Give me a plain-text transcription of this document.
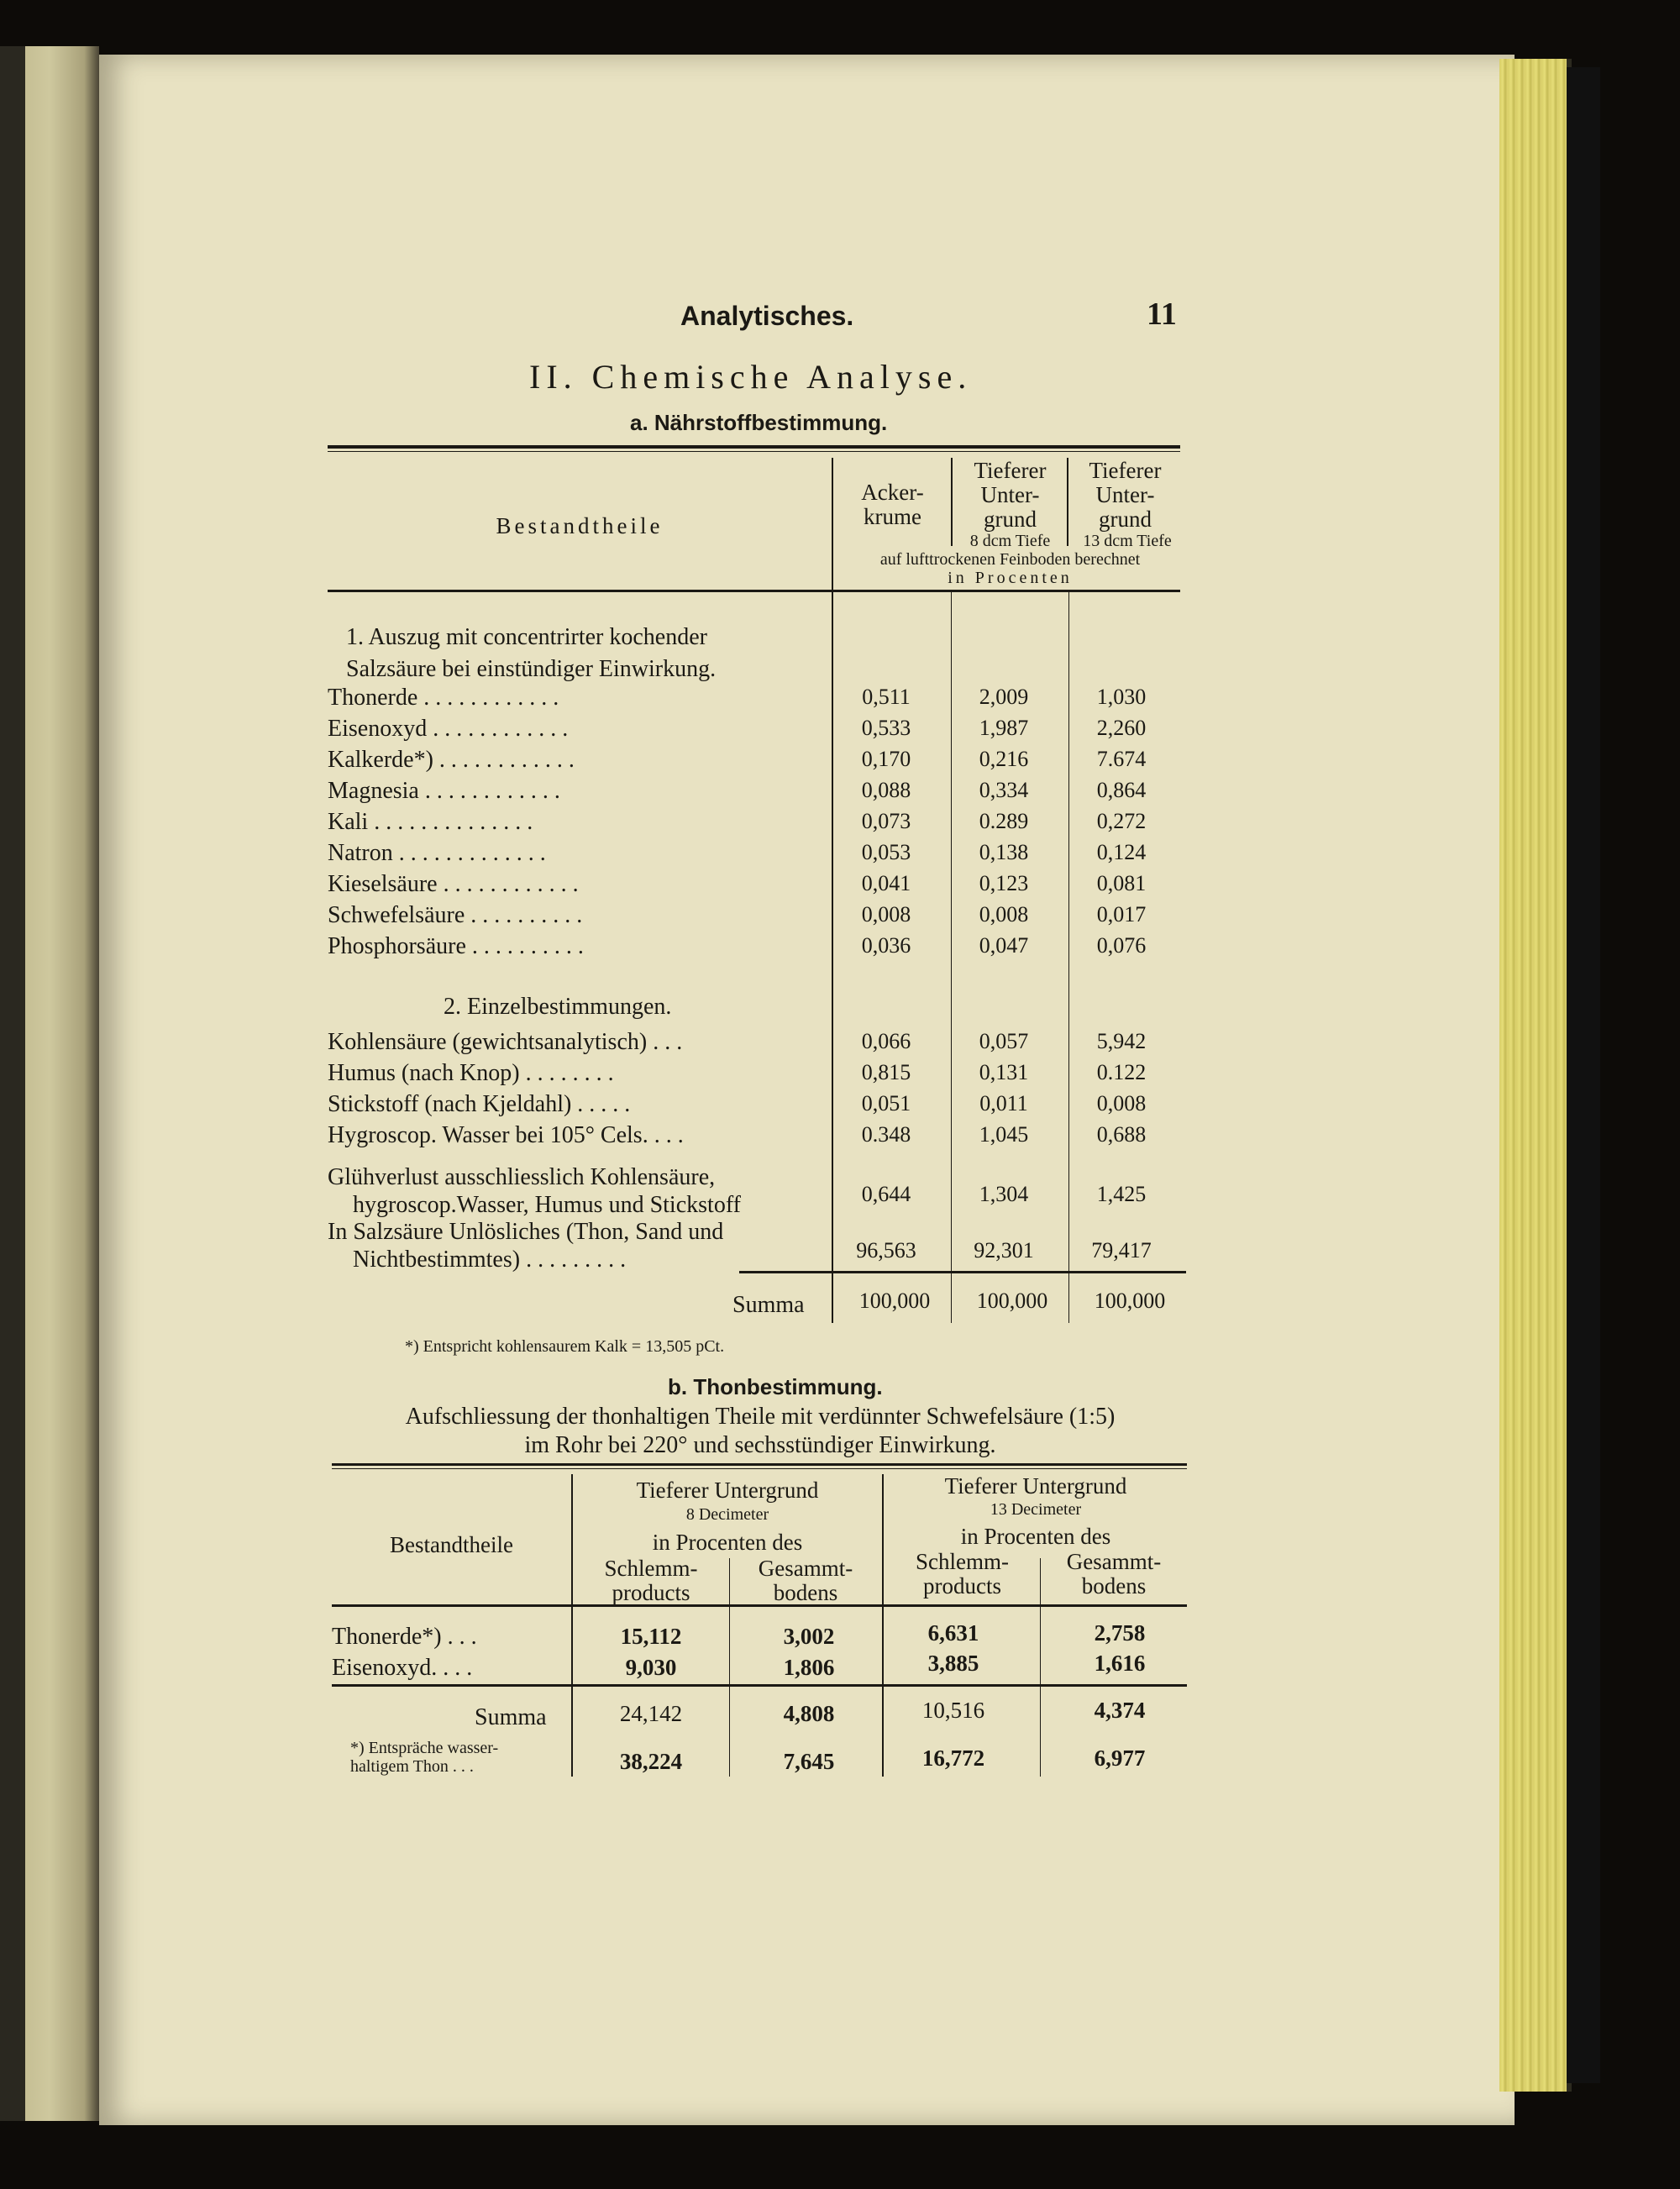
Analytisches.	11
II. Chemische Analyse.
a. Nährstoffbestimmung.
Bestandtheile
Acker-
krume
Tieferer
Unter-
grund
8 dcm Tiefe
Tieferer
Unter-
grund
13 dcm Tiefe
auf lufttrockenen Feinboden berechnet
in Procenten
1. Auszug mit concentrirter kochender
Salzsäure bei einstündiger Einwirkung.
Thonerde . . . . . . . . . . . .	0,511	2,009	1,030
Eisenoxyd . . . . . . . . . . . .	0,533	1,987	2,260
Kalkerde*) . . . . . . . . . . . .	0,170	0,216	7.674
Magnesia . . . . . . . . . . . .	0,088	0,334	0,864
Kali . . . . . . . . . . . . . .	0,073	0.289	0,272
Natron . . . . . . . . . . . . .	0,053	0,138	0,124
Kieselsäure . . . . . . . . . . . .	0,041	0,123	0,081
Schwefelsäure . . . . . . . . . .	0,008	0,008	0,017
Phosphorsäure . . . . . . . . . .	0,036	0,047	0,076
2. Einzelbestimmungen.
Kohlensäure (gewichtsanalytisch) . . .	0,066	0,057	5,942
Humus (nach Knop) . . . . . . . .	0,815	0,131	0.122
Stickstoff (nach Kjeldahl) . . . . .	0,051	0,011	0,008
Hygroscop. Wasser bei 105° Cels. . . .	0.348	1,045	0,688
Glühverlust ausschliesslich Kohlensäure,
hygroscop.Wasser, Humus und Stickstoff	0,644	1,304	1,425
In Salzsäure Unlösliches (Thon, Sand und
Nichtbestimmtes) . . . . . . . . .	96,563	92,301	79,417
Summa	100,000	100,000	100,000
*) Entspricht kohlensaurem Kalk = 13,505 pCt.
b. Thonbestimmung.
Aufschliessung der thonhaltigen Theile mit verdünnter Schwefelsäure (1:5)
im Rohr bei 220° und sechsstündiger Einwirkung.
Bestandtheile
Tieferer Untergrund
8 Decimeter
in Procenten des
Schlemm-
products
Gesammt-
bodens
Tieferer Untergrund
13 Decimeter
in Procenten des
Schlemm-
products
Gesammt-
bodens
Thonerde*) . . .	15,112	3,002	6,631	2,758
Eisenoxyd. . . .	9,030	1,806	3,885	1,616
Summa	24,142	4,808	10,516	4,374
*) Entspräche wasser-
haltigem Thon . . .	38,224	7,645	16,772	6,977
